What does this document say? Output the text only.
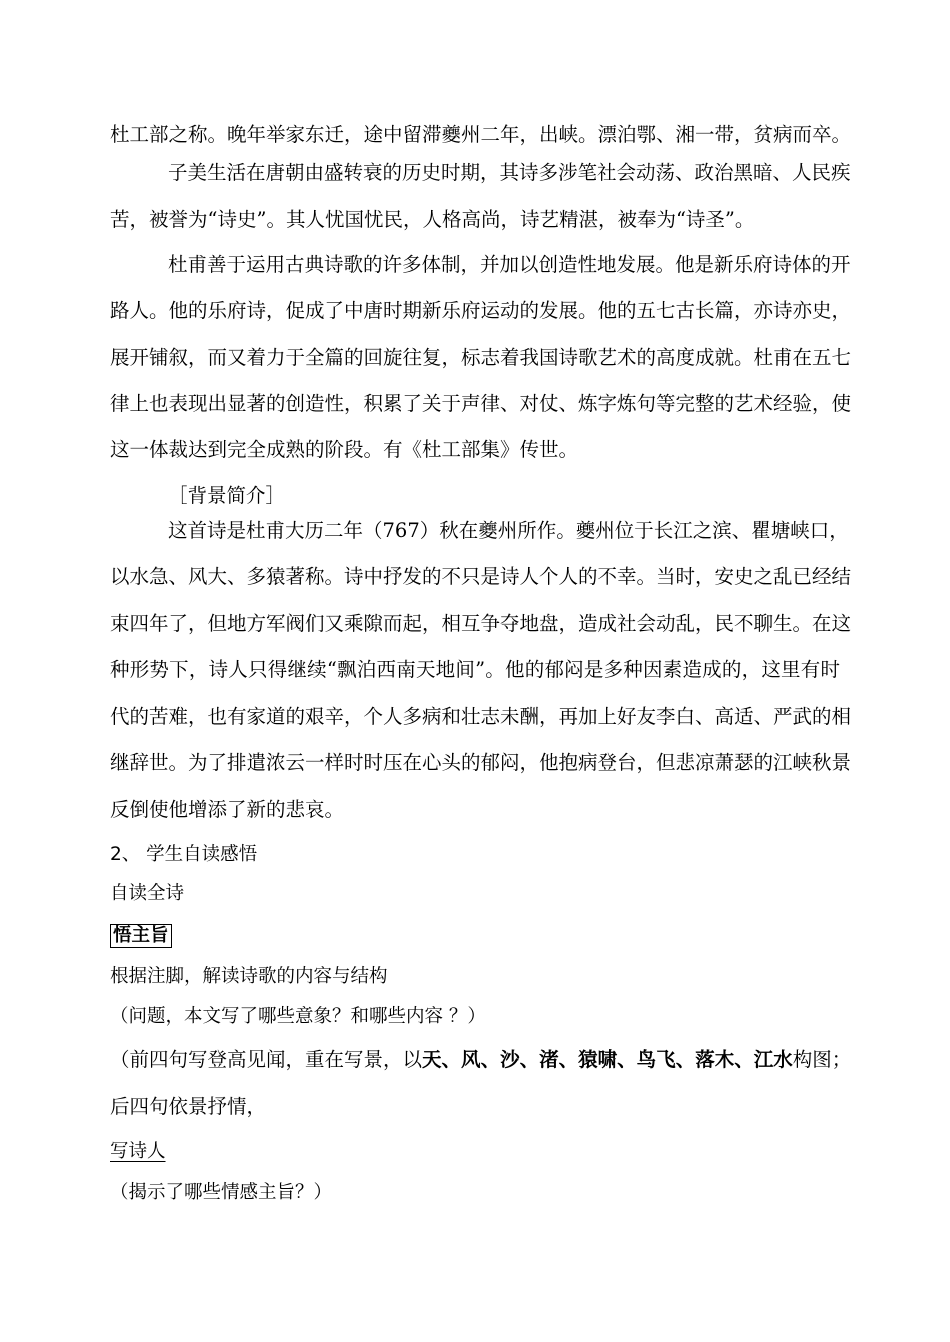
杜工部之称。晚年举家东迁，途中留滞夔州二年，出峡。漂泊鄂、湘一带，贫病而卒。
子美生活在唐朝由盛转衰的历史时期，其诗多涉笔社会动荡、政治黑暗、人民疾
苦，被誉为“诗史”。其人忧国忧民，人格高尚，诗艺精湛，被奉为“诗圣”。
杜甫善于运用古典诗歌的许多体制，并加以创造性地发展。他是新乐府诗体的开
路人。他的乐府诗，促成了中唐时期新乐府运动的发展。他的五七古长篇，亦诗亦史，
展开铺叙，而又着力于全篇的回旋往复，标志着我国诗歌艺术的高度成就。杜甫在五七
律上也表现出显著的创造性，积累了关于声律、对仗、炼字炼句等完整的艺术经验，使
这一体裁达到完全成熟的阶段。有《杜工部集》传世。
［背景简介］
这首诗是杜甫大历二年（767）秋在夔州所作。夔州位于长江之滨、瞿塘峡口，
以水急、风大、多猿著称。诗中抒发的不只是诗人个人的不幸。当时，安史之乱已经结
束四年了，但地方军阀们又乘隙而起，相互争夺地盘，造成社会动乱，民不聊生。在这
种形势下，诗人只得继续“飘泊西南天地间”。他的郁闷是多种因素造成的，这里有时
代的苦难，也有家道的艰辛，个人多病和壮志未酬，再加上好友李白、高适、严武的相
继辞世。为了排遣浓云一样时时压在心头的郁闷，他抱病登台，但悲凉萧瑟的江峡秋景
反倒使他增添了新的悲哀。
2、 学生自读感悟
自读全诗
悟主旨
根据注脚，解读诗歌的内容与结构
（问题，本文写了哪些意象？和哪些内容 ？）
（前四句写登高见闻，重在写景，以天、风、沙、渚、猿啸、鸟飞、落木、江水构图；
后四句依景抒情，
写诗人
（揭示了哪些情感主旨？）
